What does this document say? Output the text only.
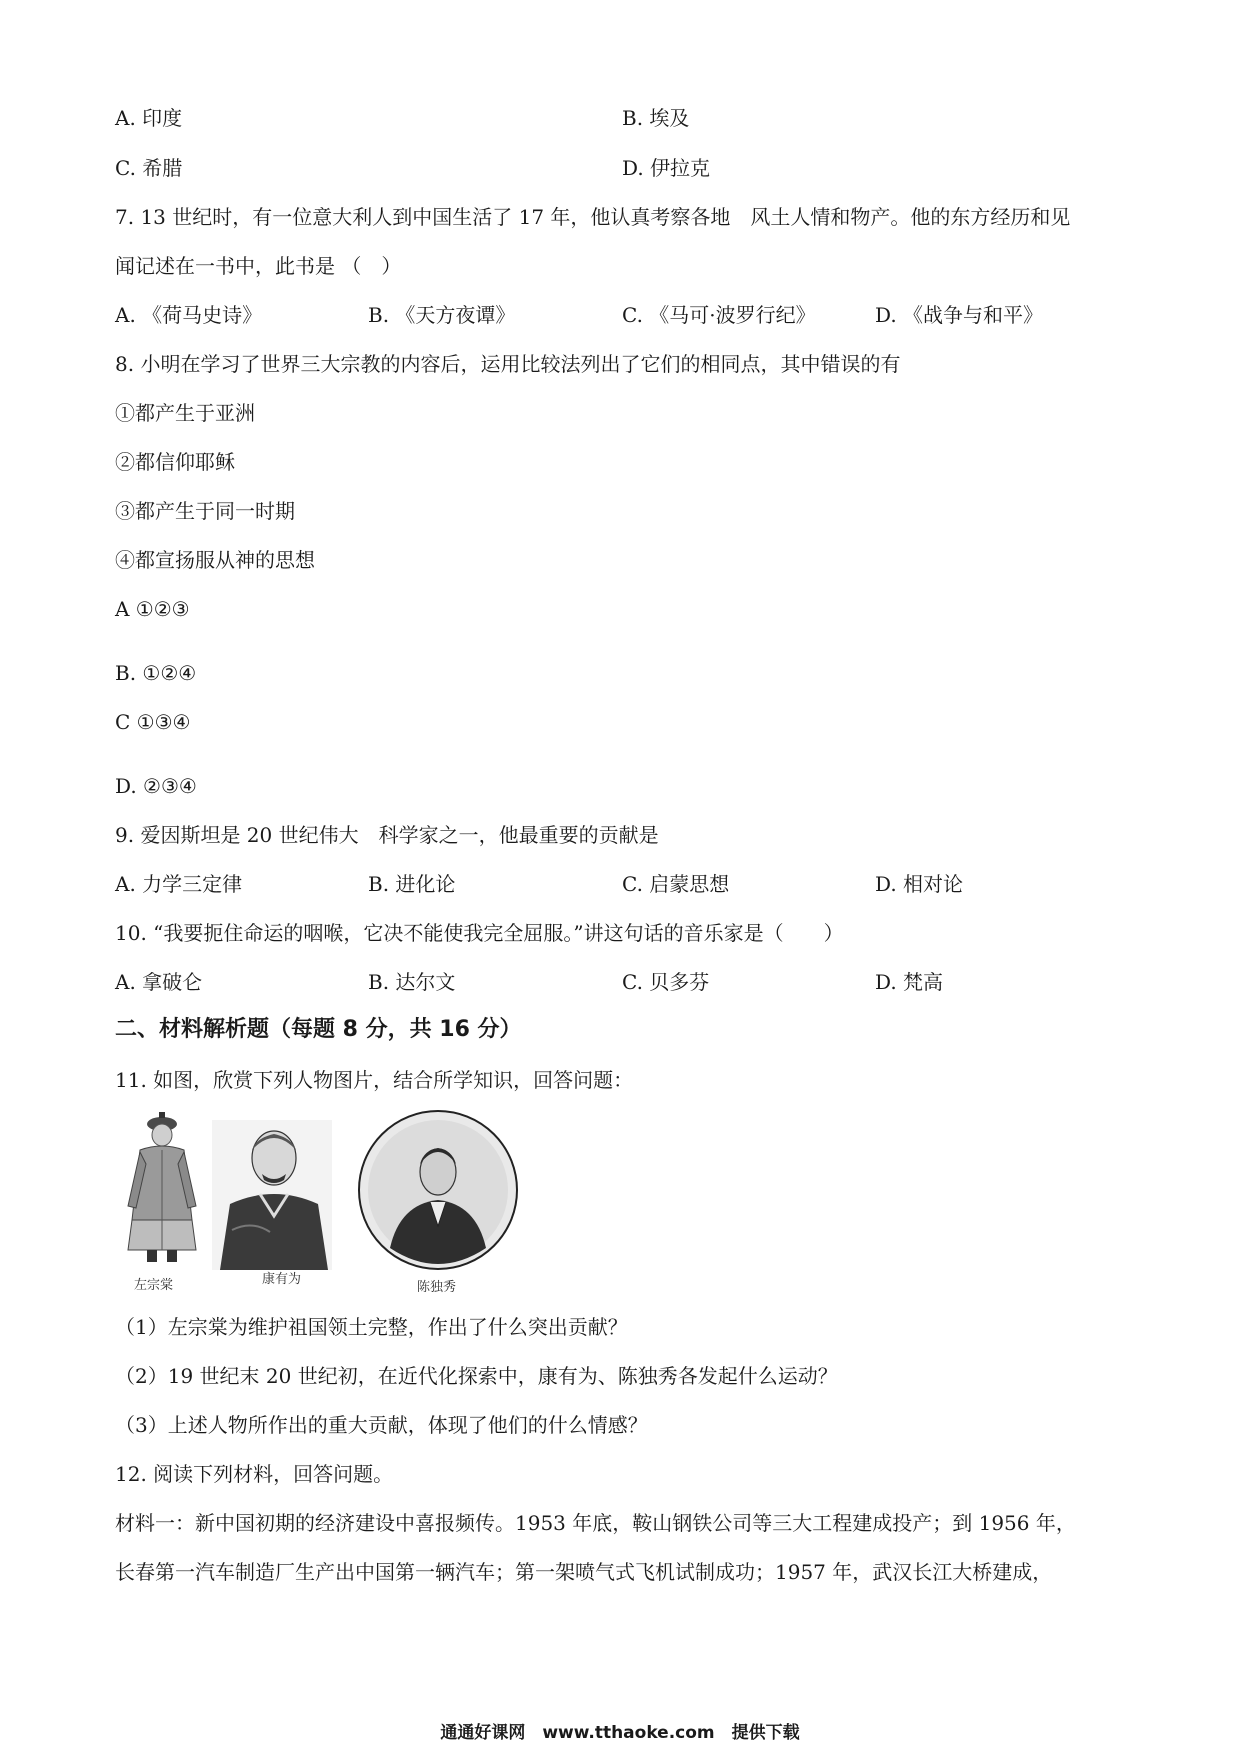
A. 印度	B. 埃及
C. 希腊	D. 伊拉克
7. 13 世纪时，有一位意大利人到中国生活了 17 年，他认真考察各地　风土人情和物产。他的东方经历和见
闻记述在一书中，此书是 （　）
A. 《荷马史诗》	B. 《天方夜谭》	C. 《马可·波罗行纪》	D. 《战争与和平》
8. 小明在学习了世界三大宗教的内容后，运用比较法列出了它们的相同点，其中错误的有
①都产生于亚洲
②都信仰耶稣
③都产生于同一时期
④都宣扬服从神的思想
A ①②③
B. ①②④
C ①③④
D. ②③④
9. 爱因斯坦是 20 世纪伟大　科学家之一，他最重要的贡献是
A. 力学三定律	B. 进化论	C. 启蒙思想	D. 相对论
10. “我要扼住命运的咽喉，它决不能使我完全屈服。”讲这句话的音乐家是（　　）
A. 拿破仑	B. 达尔文	C. 贝多芬	D. 梵高
二、材料解析题（每题 8 分，共 16 分）
11. 如图，欣赏下列人物图片，结合所学知识，回答问题：
左宗棠	康有为
陈独秀
（1）左宗棠为维护祖国领土完整，作出了什么突出贡献？
（2）19 世纪末 20 世纪初，在近代化探索中，康有为、陈独秀各发起什么运动？
（3）上述人物所作出的重大贡献，体现了他们的什么情感？
12. 阅读下列材料，回答问题。
材料一：新中国初期的经济建设中喜报频传。1953 年底，鞍山钢铁公司等三大工程建成投产；到 1956 年，
长春第一汽车制造厂生产出中国第一辆汽车；第一架喷气式飞机试制成功；1957 年，武汉长江大桥建成，
通通好课网　www.tthaoke.com　提供下载
